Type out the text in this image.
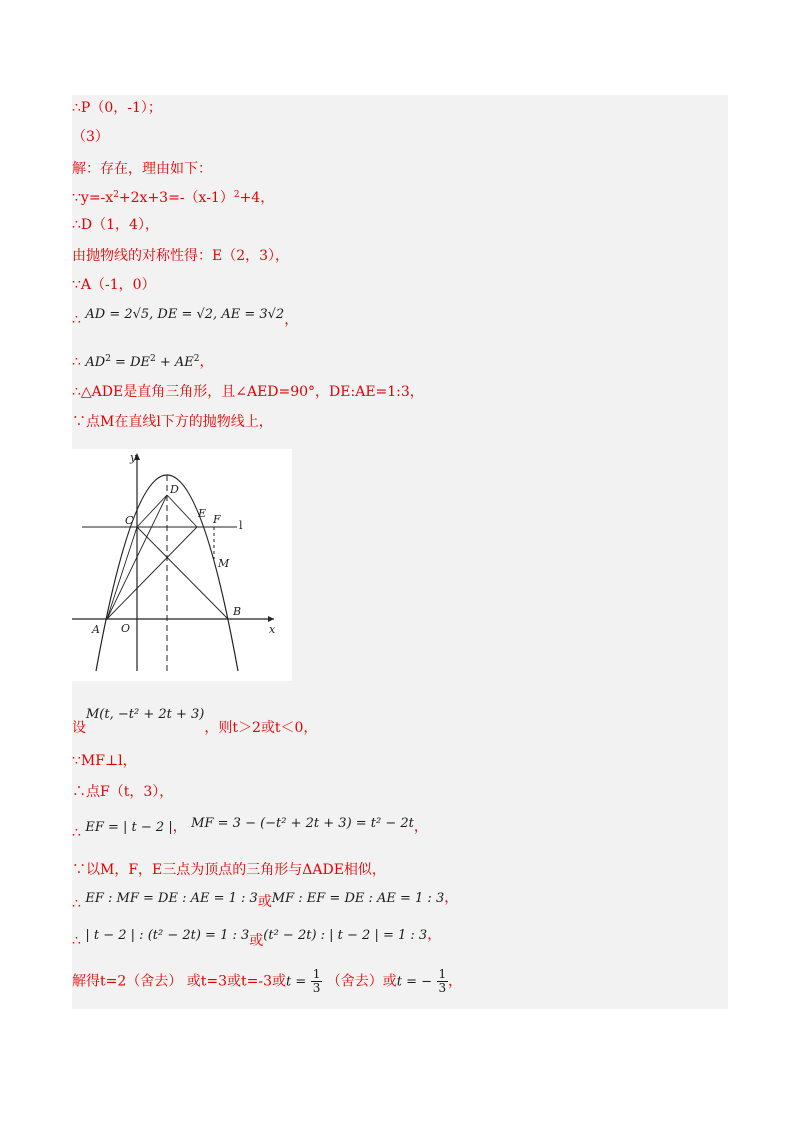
∴P（0，-1）；
（3）
解：存在，理由如下：
$\because y=-x^2+2x+3=-(x-1)^2+4$，
∴D（1，4），
由抛物线的对称性得：E（2，3），
∵A（-1，0）
∴ AD = 2√5, DE = √2, AE = 3√2，
∴ $AD^2 = DE^2 + AE^2$，
∴△ADE是直角三角形，且∠AED=90°，DE:AE=1:3，
∵点M在直线l下方的抛物线上，
y
x
D
C
E F l
M
B
A O
设M(t, −t² + 2t + 3)，则t＞2或t＜0，
∵MF⊥l，
∴点F（t，3），
∴ EF = | t − 2 |， MF = 3 − (−t² + 2t + 3) = t² − 2t，
∵以M，F，E三点为顶点的三角形与ΔADE相似，
∴ EF : MF = DE : AE = 1 : 3或MF : EF = DE : AE = 1 : 3，
∴ | t − 2 | : (t² − 2t) = 1 : 3或(t² − 2t) : | t − 2 | = 1 : 3，
解得t=2（舍去） 或t=3或t=-3或$t = \frac{1}{3}$ （舍去）或t = − $\frac{1}{3}$ ，
